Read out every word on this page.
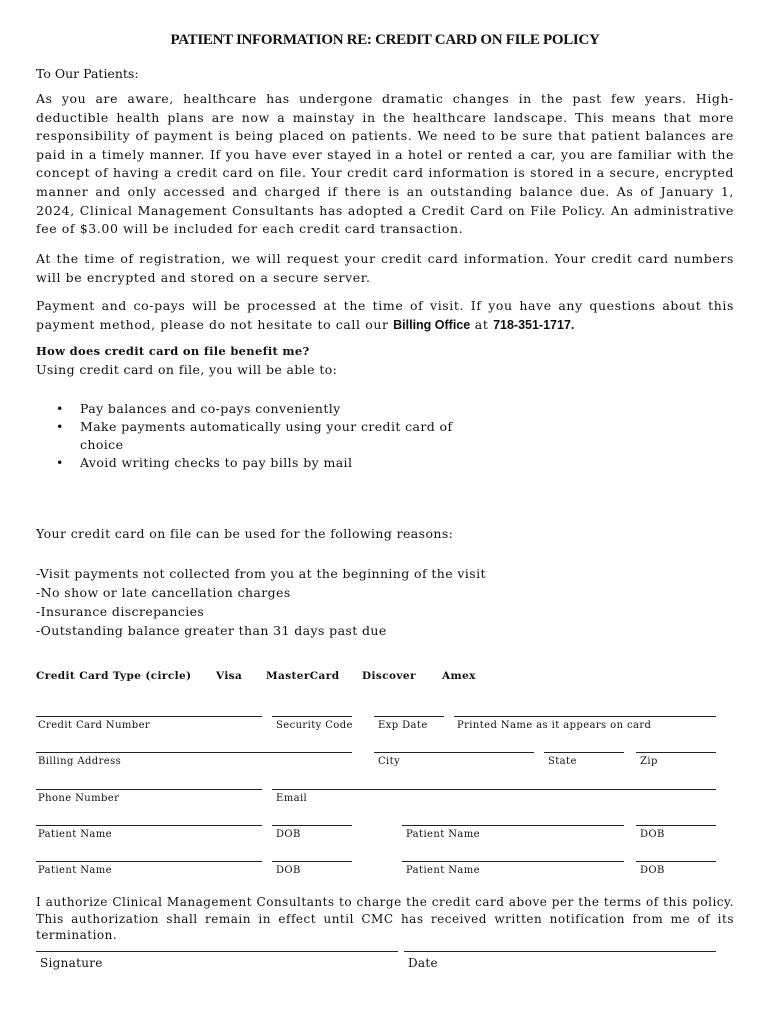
PATIENT INFORMATION RE: CREDIT CARD ON FILE POLICY
To Our Patients:
As you are aware, healthcare has undergone dramatic changes in the past few years. High-deductible health plans are now a mainstay in the healthcare landscape. This means that more responsibility of payment is being placed on patients. We need to be sure that patient balances are paid in a timely manner. If you have ever stayed in a hotel or rented a car, you are familiar with the concept of having a credit card on file. Your credit card information is stored in a secure, encrypted manner and only accessed and charged if there is an outstanding balance due. As of January 1, 2024, Clinical Management Consultants has adopted a Credit Card on File Policy. An administrative fee of $3.00 will be included for each credit card transaction.
At the time of registration, we will request your credit card information. Your credit card numbers will be encrypted and stored on a secure server.
Payment and co-pays will be processed at the time of visit. If you have any questions about this payment method, please do not hesitate to call our Billing Office at 718-351-1717.
How does credit card on file benefit me?
Using credit card on file, you will be able to:
• Pay balances and co-pays conveniently
• Make payments automatically using your credit card of choice
• Avoid writing checks to pay bills by mail
Your credit card on file can be used for the following reasons:
-Visit payments not collected from you at the beginning of the visit
-No show or late cancellation charges
-Insurance discrepancies
-Outstanding balance greater than 31 days past due
Credit Card Type (circle) Visa MasterCard Discover Amex
Credit Card Number	Security Code	Exp Date	Printed Name as it appears on card
Billing Address	City	State	Zip
Phone Number	Email
Patient Name	DOB	Patient Name	DOB
Patient Name	DOB	Patient Name	DOB
I authorize Clinical Management Consultants to charge the credit card above per the terms of this policy. This authorization shall remain in effect until CMC has received written notification from me of its termination.
Signature	Date
